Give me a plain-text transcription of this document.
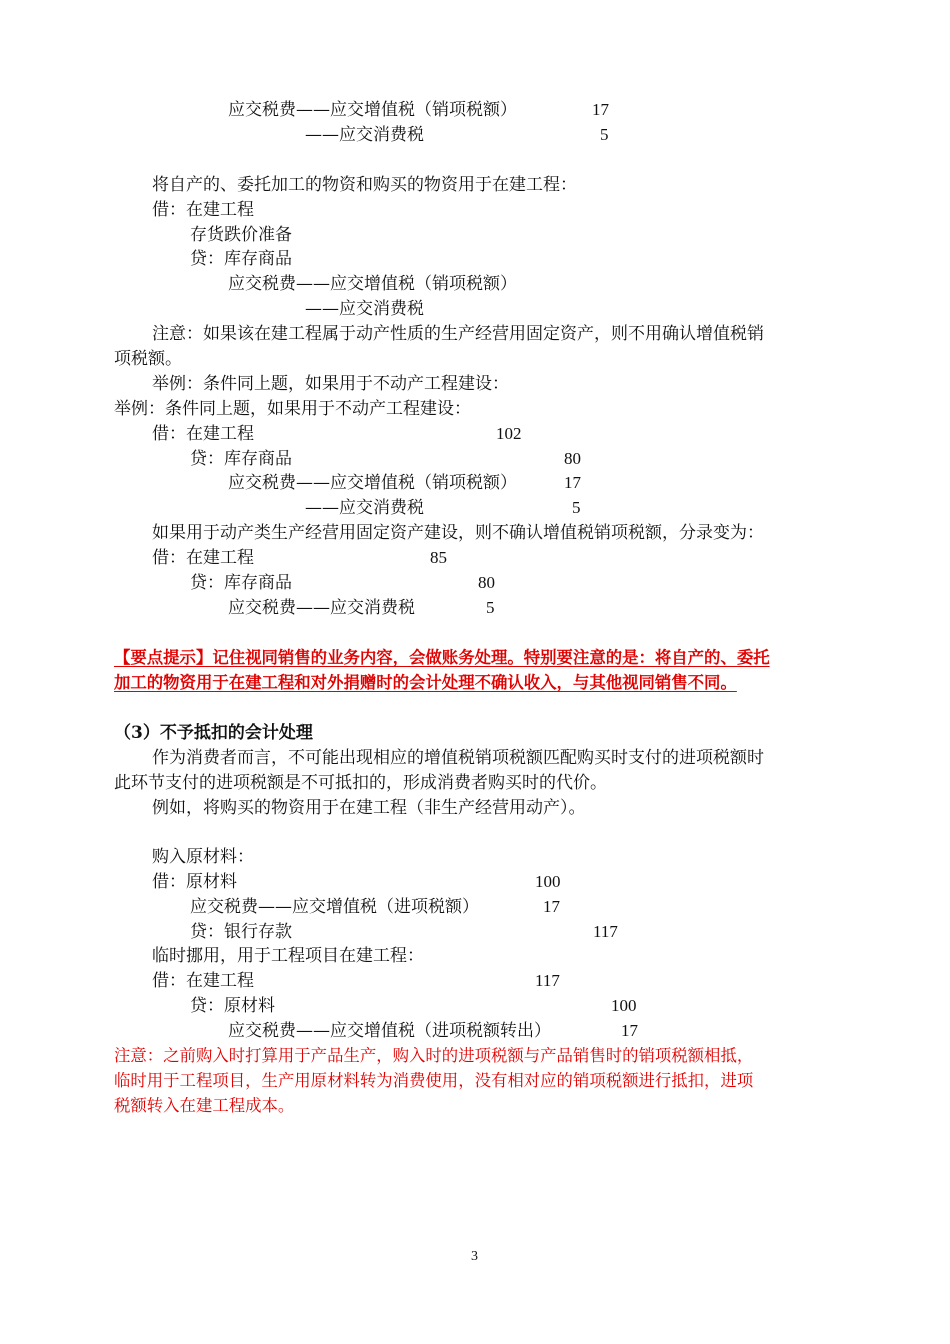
应交税费——应交增值税（销项税额）	17
——应交消费税	5
将自产的、委托加工的物资和购买的物资用于在建工程：
借：在建工程
存货跌价准备
贷：库存商品
应交税费——应交增值税（销项税额）
——应交消费税
注意：如果该在建工程属于动产性质的生产经营用固定资产，则不用确认增值税销
项税额。
举例：条件同上题，如果用于不动产工程建设：
举例：条件同上题，如果用于不动产工程建设：
借：在建工程	102
贷：库存商品	80
应交税费——应交增值税（销项税额）	17
——应交消费税	5
如果用于动产类生产经营用固定资产建设，则不确认增值税销项税额，分录变为：
借：在建工程	85
贷：库存商品	80
应交税费——应交消费税	5
【要点提示】记住视同销售的业务内容，会做账务处理。特别要注意的是：将自产的、委托
加工的物资用于在建工程和对外捐赠时的会计处理不确认收入，与其他视同销售不同。
（3）不予抵扣的会计处理
作为消费者而言，不可能出现相应的增值税销项税额匹配购买时支付的进项税额时
此环节支付的进项税额是不可抵扣的，形成消费者购买时的代价。
例如，将购买的物资用于在建工程（非生产经营用动产）。
购入原材料：
借：原材料	100
应交税费——应交增值税（进项税额）	17
贷：银行存款	117
临时挪用，用于工程项目在建工程：
借：在建工程	117
贷：原材料	100
应交税费——应交增值税（进项税额转出）	17
注意：之前购入时打算用于产品生产，购入时的进项税额与产品销售时的销项税额相抵，
临时用于工程项目，生产用原材料转为消费使用，没有相对应的销项税额进行抵扣，进项
税额转入在建工程成本。
3
